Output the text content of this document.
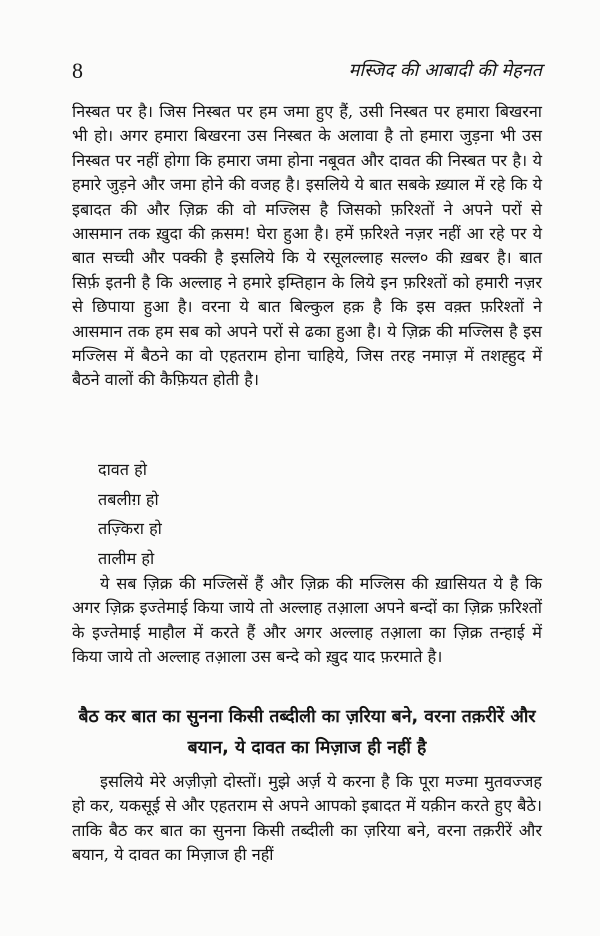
8	मस्जिद की आबादी की मेहनत

निस्बत पर है। जिस निस्बत पर हम जमा हुए हैं, उसी निस्बत पर हमारा बिखरना भी हो। अगर हमारा बिखरना उस निस्बत के अलावा है तो हमारा जुड़ना भी उस निस्बत पर नहीं होगा कि हमारा जमा होना नबूवत और दावत की निस्बत पर है। ये हमारे जुड़ने और जमा होने की वजह है। इसलिये ये बात सबके ख़्याल में रहे कि ये इबादत की और ज़िक्र की वो मज्लिस है जिसको फ़रिश्तों ने अपने परों से आसमान तक ख़ुदा की क़सम! घेरा हुआ है। हमें फ़रिश्ते नज़र नहीं आ रहे पर ये बात सच्ची और पक्की है इसलिये कि ये रसूलल्लाह सल्ल० की ख़बर है। बात सिर्फ़ इतनी है कि अल्लाह ने हमारे इम्तिहान के लिये इन फ़रिश्तों को हमारी नज़र से छिपाया हुआ है। वरना ये बात बिल्कुल हक़ है कि इस वक़्त फ़रिश्तों ने आसमान तक हम सब को अपने परों से ढका हुआ है। ये ज़िक्र की मज्लिस है इस मज्लिस में बैठने का वो एहतराम होना चाहिये, जिस तरह नमाज़ में तशह्हुद में बैठने वालों की कैफ़ियत होती है।

दावत हो
तबलीग़ हो
तज़्किरा हो
तालीम हो

ये सब ज़िक्र की मज्लिसें हैं और ज़िक्र की मज्लिस की ख़ासियत ये है कि अगर ज़िक्र इज्तेमाई किया जाये तो अल्लाह तआ़ला अपने बन्दों का ज़िक्र फ़रिश्तों के इज्तेमाई माहौल में करते हैं और अगर अल्लाह तआ़ला का ज़िक्र तन्हाई में किया जाये तो अल्लाह तआ़ला उस बन्दे को ख़ुद याद फ़रमाते है।

बैठ कर बात का सुनना किसी तब्दीली का ज़रिया बने, वरना तक़रीरें और बयान, ये दावत का मिज़ाज ही नहीं है

इसलिये मेरे अज़ीज़ो दोस्तों। मुझे अर्ज़ ये करना है कि पूरा मज्मा मुतवज्जह हो कर, यकसूई से और एहतराम से अपने आपको इबादत में यक़ीन करते हुए बैठे। ताकि बैठ कर बात का सुनना किसी तब्दीली का ज़रिया बने, वरना तक़रीरें और बयान, ये दावत का मिज़ाज ही नहीं
